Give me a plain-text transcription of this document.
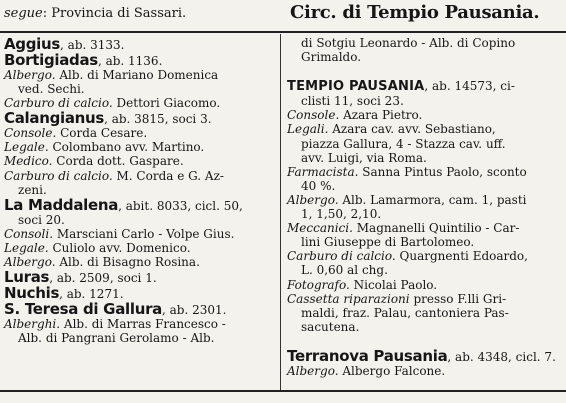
segue: Provincia di Sassari.	Circ. di Tempio Pausania.
Aggius, ab. 3133.
Bortigiadas, ab. 1136.
Albergo. Alb. di Mariano Domenica
ved. Sechi.
Carburo di calcio. Dettori Giacomo.
Calangianus, ab. 3815, soci 3.
Console. Corda Cesare.
Legale. Colombano avv. Martino.
Medico. Corda dott. Gaspare.
Carburo di calcio. M. Corda e G. Az-
zeni.
La Maddalena, abit. 8033, cicl. 50,
soci 20.
Consoli. Marsciani Carlo - Volpe Gius.
Legale. Culiolo avv. Domenico.
Albergo. Alb. di Bisagno Rosina.
Luras, ab. 2509, soci 1.
Nuchis, ab. 1271.
S. Teresa di Gallura, ab. 2301.
Alberghi. Alb. di Marras Francesco -
Alb. di Pangrani Gerolamo - Alb.
di Sotgiu Leonardo - Alb. di Copino
Grimaldo.
TEMPIO PAUSANIA, ab. 14573, ci-
clisti 11, soci 23.
Console. Azara Pietro.
Legali. Azara cav. avv. Sebastiano,
piazza Gallura, 4 - Stazza cav. uff.
avv. Luigi, via Roma.
Farmacista. Sanna Pintus Paolo, sconto
40 %.
Albergo. Alb. Lamarmora, cam. 1, pasti
1, 1,50, 2,10.
Meccanici. Magnanelli Quintilio - Car-
lini Giuseppe di Bartolomeo.
Carburo di calcio. Quargnenti Edoardo,
L. 0,60 al chg.
Fotografo. Nicolai Paolo.
Cassetta riparazioni presso F.lli Gri-
maldi, fraz. Palau, cantoniera Pas-
sacutena.
Terranova Pausania, ab. 4348, cicl. 7.
Albergo. Albergo Falcone.
